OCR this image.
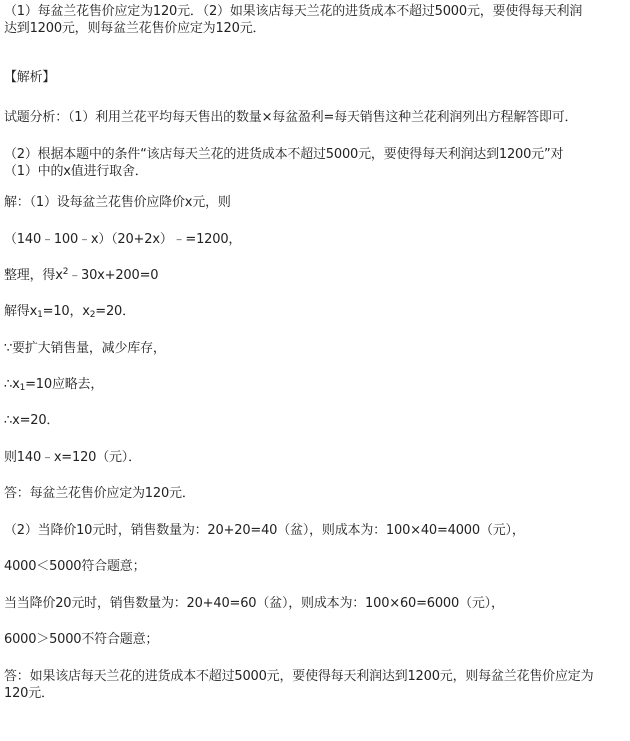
（1）每盆兰花售价应定为120元．（2）如果该店每天兰花的进货成本不超过5000元，要使得每天利润
达到1200元，则每盆兰花售价应定为120元．
【解析】
试题分析：（1）利用兰花平均每天售出的数量×每盆盈利=每天销售这种兰花利润列出方程解答即可．
（2）根据本题中的条件“该店每天兰花的进货成本不超过5000元，要使得每天利润达到1200元”对
（1）中的x值进行取舍．
解：（1）设每盆兰花售价应降价x元，则
（140﹣100﹣x）（20+2x）﹣=1200，
整理，得$x^2﹣30x+200=0$
解得$x_1=10$，$x_2=20$．
∵要扩大销售量，减少库存，
$\therefore x_1=10$应略去，
∴x=20．
则140﹣x=120（元）．
答：每盆兰花售价应定为120元．
（2）当降价10元时，销售数量为：20+20=40（盆），则成本为：100×40=4000（元），
4000＜5000符合题意；
当当降价20元时，销售数量为：20+40=60（盆），则成本为：100×60=6000（元），
6000＞5000不符合题意；
答：如果该店每天兰花的进货成本不超过5000元，要使得每天利润达到1200元，则每盆兰花售价应定为
120元．
